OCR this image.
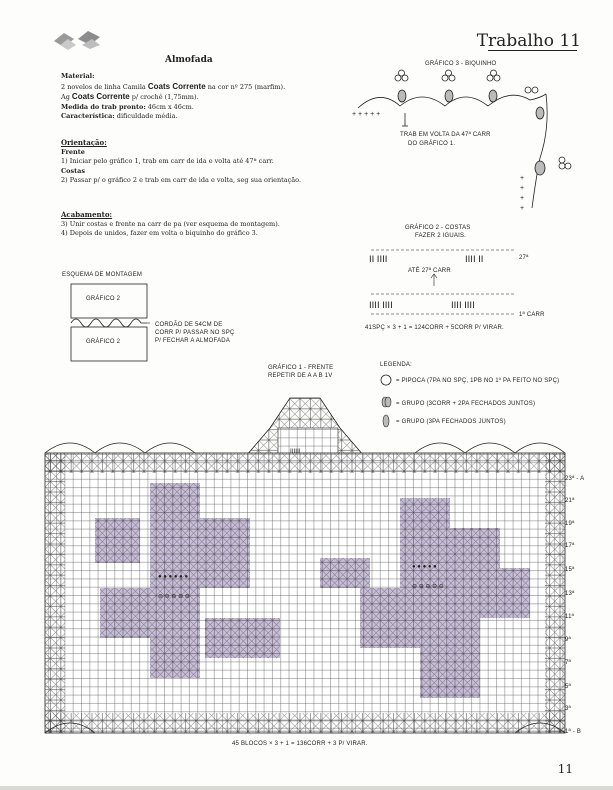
Trabalho 11
Almofada
Material:
2 novelos de linha Camila Coats Corrente na cor nº 275 (marfim).
Ag Coats Corrente p/ crochê (1,75mm).
Medida do trab pronto: 46cm x 46cm.
Característica: dificuldade média.
Orientação:
Frente
1) Iniciar pelo gráfico 1, trab em carr de ida e volta até 47ª carr.
Costas
2) Passar p/ o gráfico 2 e trab em carr de ida e volta, seg sua orientação.
Acabamento:
3) Unir costas e frente na carr de pa (ver esquema de montagem).
4) Depois de unidos, fazer em volta o biquinho do gráfico 3.
GRÁFICO 3 - BIQUINHO
+ + + + +
+
+
+
+
TRAB EM VOLTA DA 47ª CARR
DO GRÁFICO 1.
ESQUEMA DE MONTAGEM
GRÁFICO 2
GRÁFICO 2
CORDÃO DE 54CM DE
CORR P/ PASSAR NO SPÇ
P/ FECHAR A ALMOFADA
GRÁFICO 2 - COSTAS
FAZER 2 IGUAIS.
ⅠⅠ ⅠⅠⅠⅠ
ⅠⅠⅠⅠ ⅠⅠⅠⅠ	ⅠⅠⅠⅠ ⅠⅠⅠⅠ
ⅠⅠⅠⅠ ⅠⅠ
ATÉ 27ª CARR
27ª
1ª CARR
41SPÇ × 3 + 1 = 124CORR + 5CORR P/ VIRAR.
GRÁFICO 1 - FRENTE
REPETIR DE A A B 1V
LEGENDA:
= PIPOCA (7PA NO SPÇ, 1PB NO 1º PA FEITO NO SPÇ)
= GRUPO (3CORR + 2PA FECHADOS JUNTOS)
= GRUPO (3PA FECHADOS JUNTOS)
● ● ● ● ● ●
⊖ ⊖ ⊖ ⊖ ⊖
● ● ● ● ●
⊖ ⊖ ⊖ ⊖ ⊖
ⅠⅠⅠⅠⅠⅠ
23ª - A
21ª
19ª
17ª
15ª
13ª
11ª
9ª
7ª
5ª
3ª
1ª - B
45 BLOCOS × 3 + 1 = 136CORR + 3 P/ VIRAR.
11
